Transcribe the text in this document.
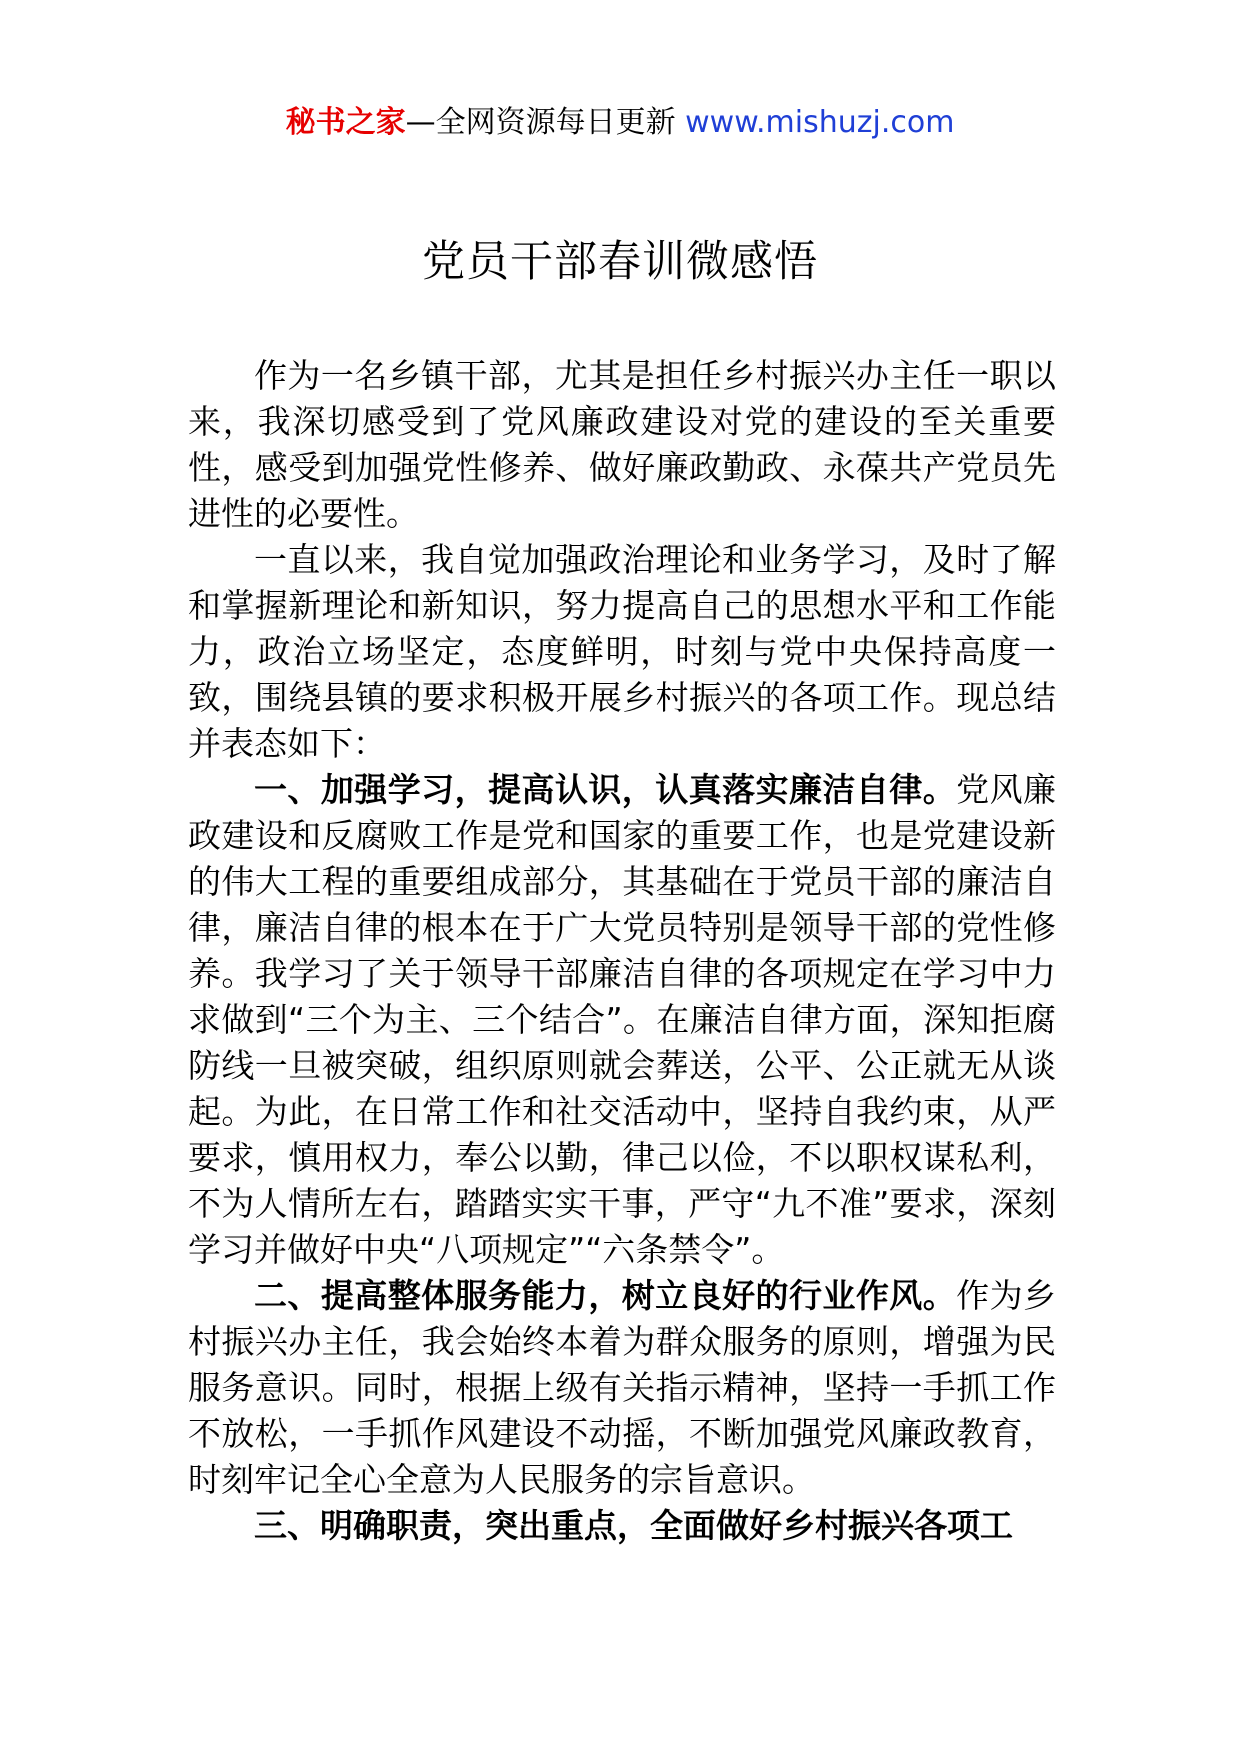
秘书之家—全网资源每日更新 www.mishuzj.com
党员干部春训微感悟

作为一名乡镇干部，尤其是担任乡村振兴办主任一职以来，我深切感受到了党风廉政建设对党的建设的至关重要性，感受到加强党性修养、做好廉政勤政、永葆共产党员先进性的必要性。

一直以来，我自觉加强政治理论和业务学习，及时了解和掌握新理论和新知识，努力提高自己的思想水平和工作能力，政治立场坚定，态度鲜明，时刻与党中央保持高度一致，围绕县镇的要求积极开展乡村振兴的各项工作。现总结并表态如下：

一、加强学习，提高认识，认真落实廉洁自律。党风廉政建设和反腐败工作是党和国家的重要工作，也是党建设新的伟大工程的重要组成部分，其基础在于党员干部的廉洁自律，廉洁自律的根本在于广大党员特别是领导干部的党性修养。我学习了关于领导干部廉洁自律的各项规定在学习中力求做到“三个为主、三个结合”。在廉洁自律方面，深知拒腐防线一旦被突破，组织原则就会葬送，公平、公正就无从谈起。为此，在日常工作和社交活动中，坚持自我约束，从严要求，慎用权力，奉公以勤，律己以俭，不以职权谋私利，不为人情所左右，踏踏实实干事，严守“九不准”要求，深刻学习并做好中央“八项规定”“六条禁令”。

二、提高整体服务能力，树立良好的行业作风。作为乡村振兴办主任，我会始终本着为群众服务的原则，增强为民服务意识。同时，根据上级有关指示精神，坚持一手抓工作不放松，一手抓作风建设不动摇，不断加强党风廉政教育，时刻牢记全心全意为人民服务的宗旨意识。

三、明确职责，突出重点，全面做好乡村振兴各项工
